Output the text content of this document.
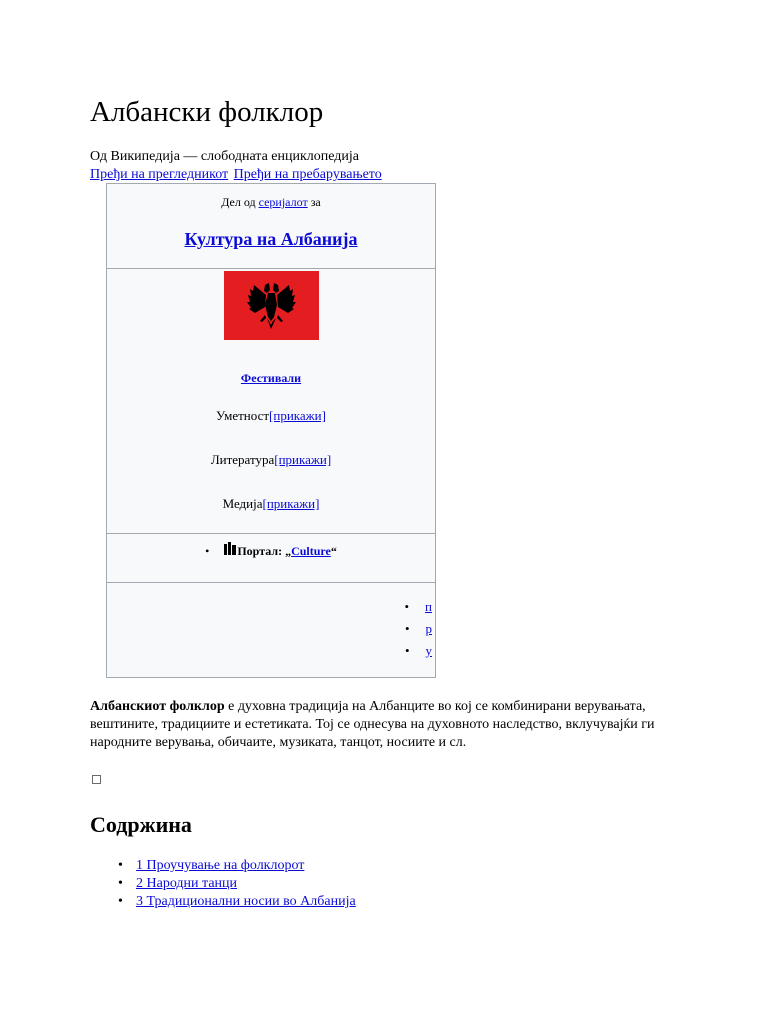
Албански фолклор
Од Википедија — слободната енциклопедија
Пређи на прегледникот Пређи на пребарувањето
Дел од серијалот за
Култура на Албанија
Фестивали
Уметност[прикажи]
Литература[прикажи]
Медија[прикажи]
• Портал: „Culture“
• п
• р
• у
Албанскиот фолклор е духовна традиција на Албанците во кој се комбинирани верувањата, вештините, традициите и естетиката. Тој се однесува на духовното наследство, вклучувајќи ги народните верувања, обичаите, музиката, танцот, носиите и сл.
Содржина
• 1 Проучување на фолклорот
• 2 Народни танци
• 3 Традиционални носии во Албанија
